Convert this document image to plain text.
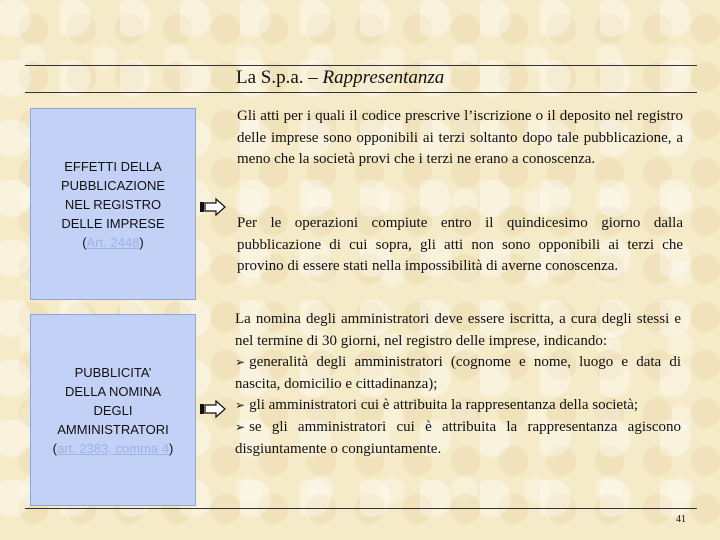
La S.p.a. – Rappresentanza
EFFETTI DELLA
PUBBLICAZIONE
NEL REGISTRO
DELLE IMPRESE
(Art. 2448)
PUBBLICITA’
DELLA NOMINA
DEGLI
AMMINISTRATORI
(art. 2383, comma 4)
Gli atti per i quali il codice prescrive l’iscrizione o il deposito nel registro delle imprese sono opponibili ai terzi soltanto dopo tale pubblicazione, a meno che la società provi che i terzi ne erano a conoscenza.
Per le operazioni compiute entro il quindicesimo giorno dalla pubblicazione di cui sopra, gli atti non sono opponibili ai terzi che provino di essere stati nella impossibilità di averne conoscenza.
La nomina degli amministratori deve essere iscritta, a cura degli stessi e nel termine di 30 giorni, nel registro delle imprese, indicando:
➢ generalità degli amministratori (cognome e nome, luogo e data di nascita, domicilio e cittadinanza);
➢ gli amministratori cui è attribuita la rappresentanza della società;
➢ se gli amministratori cui è attribuita la rappresentanza agiscono disgiuntamente o congiuntamente.
41
